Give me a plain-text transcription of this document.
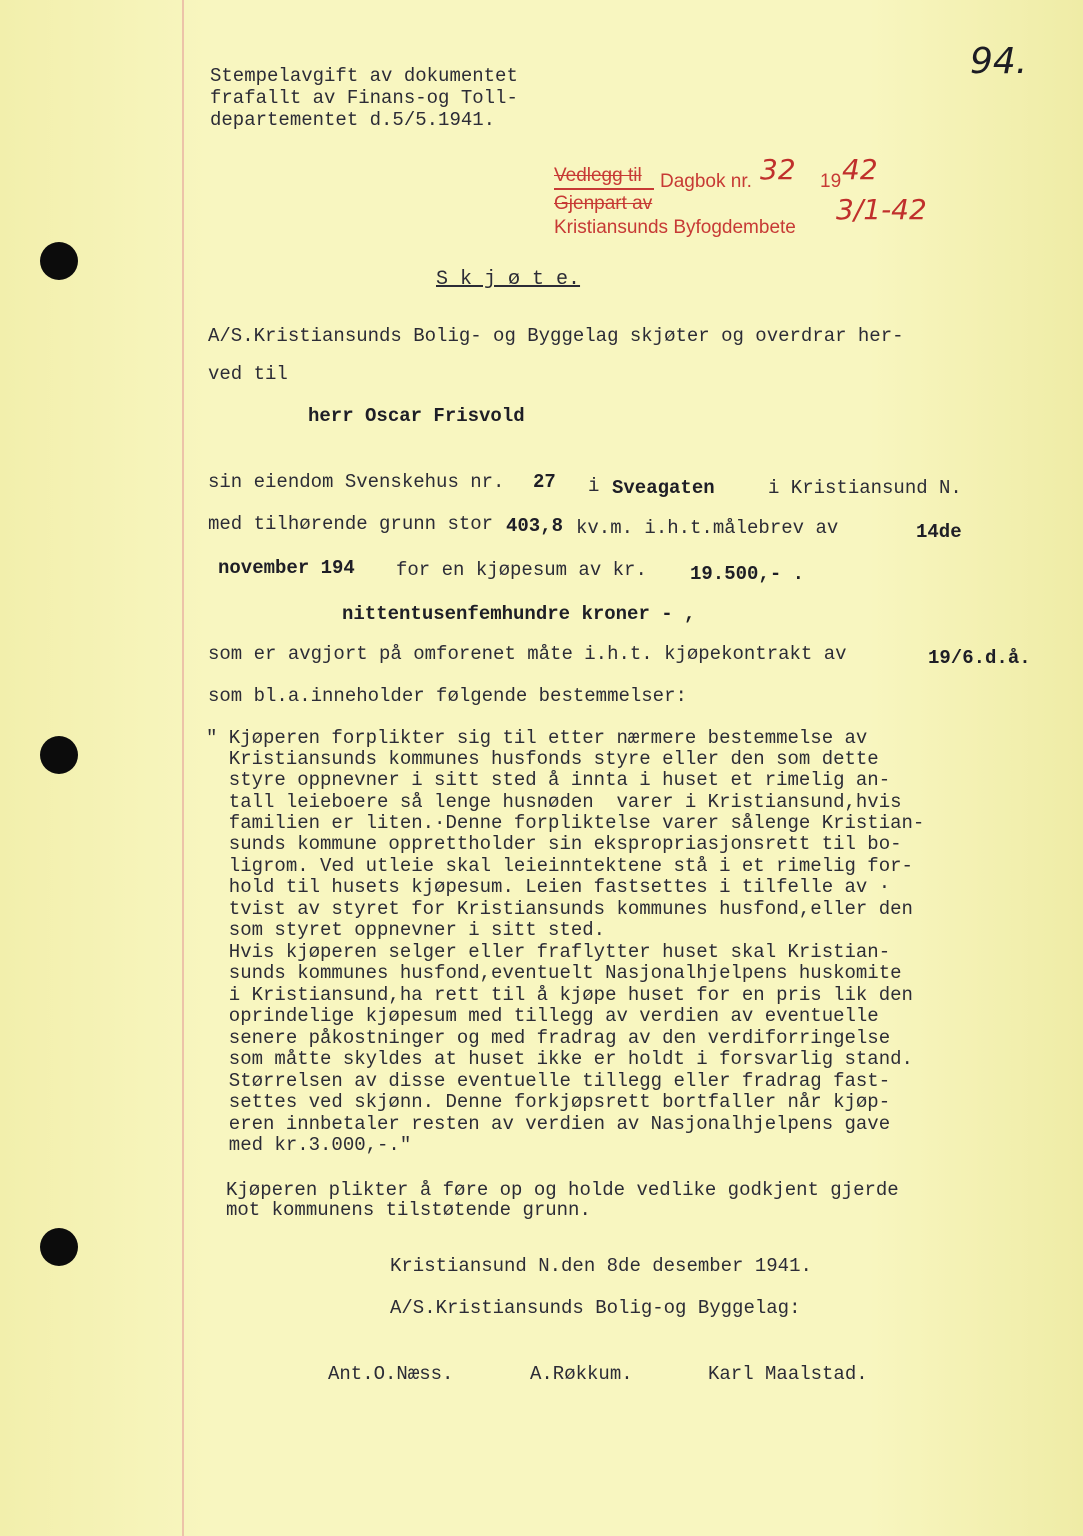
94.
Stempelavgift av dokumentet
frafallt av Finans-og Toll-
departementet d.5/5.1941.
Vedlegg til Dagbok nr. 32 19 42
Gjenpart av
Kristiansunds Byfogdembete
3/1-42
S k j ø t e.
A/S.Kristiansunds Bolig- og Byggelag skjøter og overdrar her-
ved til
herr Oscar Frisvold
sin eiendom Svenskehus nr. 27 i Sveagaten	i Kristiansund N.
med tilhørende grunn stor 403,8 kv.m. i.h.t.målebrev av	14de
november 194 for en kjøpesum av kr. 19.500,- .
nittentusenfemhundre kroner - ,
som er avgjort på omforenet måte i.h.t. kjøpekontrakt av	19/6.d.å.
som bl.a.inneholder følgende bestemmelser:
" Kjøperen forplikter sig til etter nærmere bestemmelse av
Kristiansunds kommunes husfonds styre eller den som dette
styre oppnevner i sitt sted å innta i huset et rimelig an-
tall leieboere så lenge husnøden  varer i Kristiansund,hvis
familien er liten.·Denne forpliktelse varer sålenge Kristian-
sunds kommune opprettholder sin ekspropriasjonsrett til bo-
ligrom. Ved utleie skal leieinntektene stå i et rimelig for-
hold til husets kjøpesum. Leien fastsettes i tilfelle av ·
tvist av styret for Kristiansunds kommunes husfond,eller den
som styret oppnevner i sitt sted.
Hvis kjøperen selger eller fraflytter huset skal Kristian-
sunds kommunes husfond,eventuelt Nasjonalhjelpens huskomite
i Kristiansund,ha rett til å kjøpe huset for en pris lik den
oprindelige kjøpesum med tillegg av verdien av eventuelle
senere påkostninger og med fradrag av den verdiforringelse
som måtte skyldes at huset ikke er holdt i forsvarlig stand.
Størrelsen av disse eventuelle tillegg eller fradrag fast-
settes ved skjønn. Denne forkjøpsrett bortfaller når kjøp-
eren innbetaler resten av verdien av Nasjonalhjelpens gave
med kr.3.000,-."
Kjøperen plikter å føre op og holde vedlike godkjent gjerde
mot kommunens tilstøtende grunn.
Kristiansund N.den 8de desember 1941.
A/S.Kristiansunds Bolig-og Byggelag:
Ant.O.Næss.	A.Røkkum.	Karl Maalstad.
